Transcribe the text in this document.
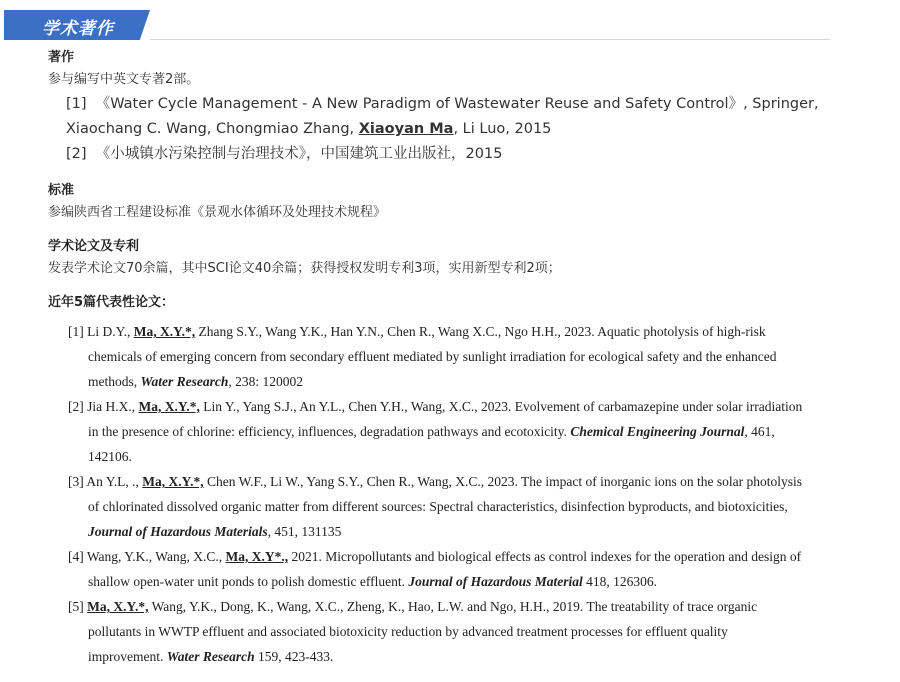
学术著作
著作
参与编写中英文专著2部。
[1] 《Water Cycle Management - A New Paradigm of Wastewater Reuse and Safety Control》, Springer,
Xiaochang C. Wang, Chongmiao Zhang, Xiaoyan Ma, Li Luo, 2015
[2] 《小城镇水污染控制与治理技术》，中国建筑工业出版社，2015
标准
参编陕西省工程建设标准《景观水体循环及处理技术规程》
学术论文及专利
发表学术论文70余篇，其中SCI论文40余篇；获得授权发明专利3项，实用新型专利2项；
近年5篇代表性论文：
[1] Li D.Y., Ma, X.Y.*, Zhang S.Y., Wang Y.K., Han Y.N., Chen R., Wang X.C., Ngo H.H., 2023. Aquatic photolysis of high-risk chemicals of emerging concern from secondary effluent mediated by sunlight irradiation for ecological safety and the enhanced methods, Water Research, 238: 120002
[2] Jia H.X., Ma, X.Y.*, Lin Y., Yang S.J., An Y.L., Chen Y.H., Wang, X.C., 2023. Evolvement of carbamazepine under solar irradiation in the presence of chlorine: efficiency, influences, degradation pathways and ecotoxicity. Chemical Engineering Journal, 461, 142106.
[3] An Y.L, ., Ma, X.Y.*, Chen W.F., Li W., Yang S.Y., Chen R., Wang, X.C., 2023. The impact of inorganic ions on the solar photolysis of chlorinated dissolved organic matter from different sources: Spectral characteristics, disinfection byproducts, and biotoxicities, Journal of Hazardous Materials, 451, 131135
[4] Wang, Y.K., Wang, X.C., Ma, X.Y*., 2021. Micropollutants and biological effects as control indexes for the operation and design of shallow open-water unit ponds to polish domestic effluent. Journal of Hazardous Material 418, 126306.
[5] Ma, X.Y.*, Wang, Y.K., Dong, K., Wang, X.C., Zheng, K., Hao, L.W. and Ngo, H.H., 2019. The treatability of trace organic pollutants in WWTP effluent and associated biotoxicity reduction by advanced treatment processes for effluent quality improvement. Water Research 159, 423-433.
